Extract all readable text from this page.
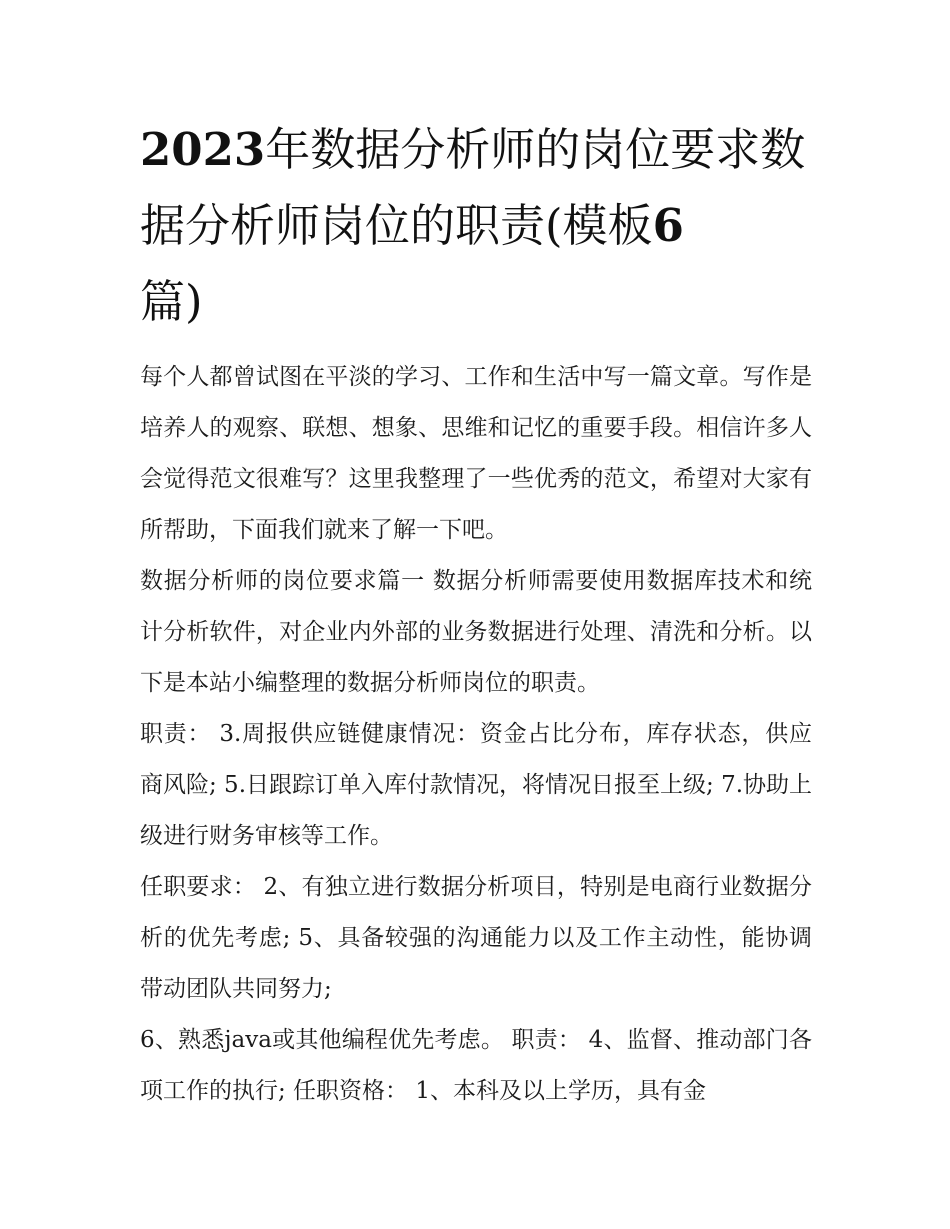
2023年数据分析师的岗位要求数据分析师岗位的职责(模板6
篇)

每个人都曾试图在平淡的学习、工作和生活中写一篇文章。写作是培养人的观察、联想、想象、思维和记忆的重要手段。相信许多人会觉得范文很难写？这里我整理了一些优秀的范文，希望对大家有所帮助，下面我们就来了解一下吧。

数据分析师的岗位要求篇一 数据分析师需要使用数据库技术和统计分析软件，对企业内外部的业务数据进行处理、清洗和分析。以下是本站小编整理的数据分析师岗位的职责。

职责： 3.周报供应链健康情况：资金占比分布，库存状态，供应商风险; 5.日跟踪订单入库付款情况，将情况日报至上级; 7.协助上级进行财务审核等工作。

任职要求： 2、有独立进行数据分析项目，特别是电商行业数据分析的优先考虑; 5、具备较强的沟通能力以及工作主动性，能协调带动团队共同努力;

6、熟悉java或其他编程优先考虑。 职责： 4、监督、推动部门各项工作的执行; 任职资格： 1、本科及以上学历，具有金
